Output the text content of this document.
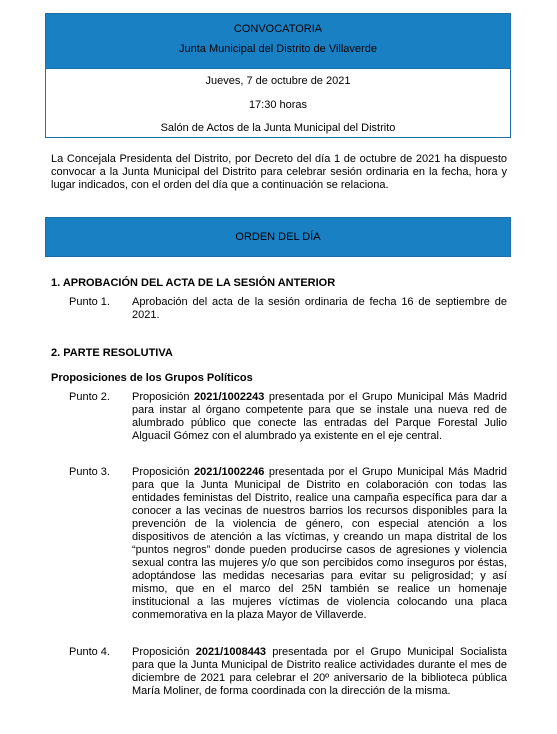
CONVOCATORIA
Junta Municipal del Distrito de Villaverde
Jueves, 7 de octubre de 2021
17:30 horas
Salón de Actos de la Junta Municipal del Distrito
La Concejala Presidenta del Distrito, por Decreto del día 1 de octubre de 2021 ha dispuesto convocar a la Junta Municipal del Distrito para celebrar sesión ordinaria en la fecha, hora y lugar indicados, con el orden del día que a continuación se relaciona.
ORDEN DEL DÍA
1. APROBACIÓN DEL ACTA DE LA SESIÓN ANTERIOR
Punto 1. Aprobación del acta de la sesión ordinaria de fecha 16 de septiembre de 2021.
2. PARTE RESOLUTIVA
Proposiciones de los Grupos Políticos
Punto 2. Proposición 2021/1002243 presentada por el Grupo Municipal Más Madrid para instar al órgano competente para que se instale una nueva red de alumbrado público que conecte las entradas del Parque Forestal Julio Alguacil Gómez con el alumbrado ya existente en el eje central.
Punto 3. Proposición 2021/1002246 presentada por el Grupo Municipal Más Madrid para que la Junta Municipal de Distrito en colaboración con todas las entidades feministas del Distrito, realice una campaña específica para dar a conocer a las vecinas de nuestros barrios los recursos disponibles para la prevención de la violencia de género, con especial atención a los dispositivos de atención a las víctimas, y creando un mapa distrital de los “puntos negros” donde pueden producirse casos de agresiones y violencia sexual contra las mujeres y/o que son percibidos como inseguros por éstas, adoptándose las medidas necesarias para evitar su peligrosidad; y así mismo, que en el marco del 25N también se realice un homenaje institucional a las mujeres víctimas de violencia colocando una placa conmemorativa en la plaza Mayor de Villaverde.
Punto 4. Proposición 2021/1008443 presentada por el Grupo Municipal Socialista para que la Junta Municipal de Distrito realice actividades durante el mes de diciembre de 2021 para celebrar el 20º aniversario de la biblioteca pública María Moliner, de forma coordinada con la dirección de la misma.
